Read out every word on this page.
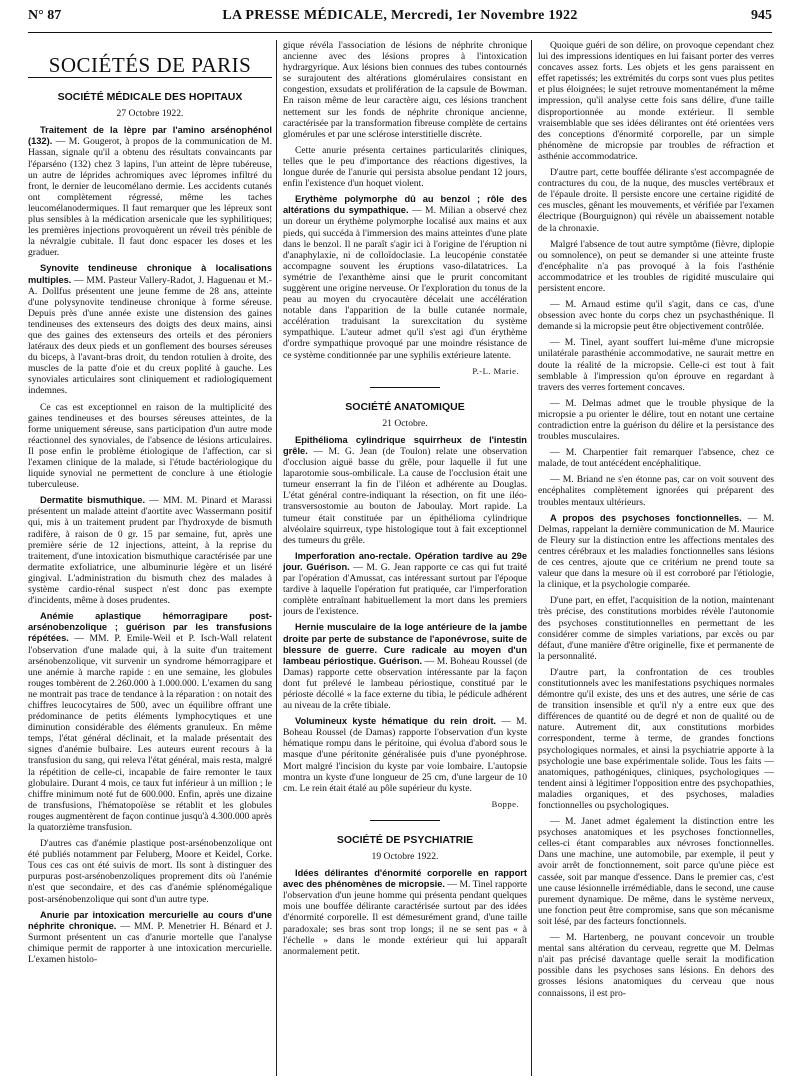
N° 87	LA PRESSE MÉDICALE, Mercredi, 1er Novembre 1922	945
SOCIÉTÉS DE PARIS
SOCIÉTÉ MÉDICALE DES HOPITAUX
27 Octobre 1922.

Traitement de la lèpre par l'amino arsénophénol (132). — M. Gougerot, à propos de la communication de M. Hassan, signale qu'il a obtenu des résultats convaincants par l'éparséno (132) chez 3 lapins, l'un atteint de lèpre tubéreuse, un autre de léprides achromiques avec lépromes infiltré du front, le dernier de leucomélano dermie. Les accidents cutanés ont complètement régressé, même les taches leucomélanodermiques. Il faut remarquer que les lépreux sont plus sensibles à la médication arsenicale que les syphilitiques; les premières injections provoquèrent un réveil très pénible de la névralgie cubitale. Il faut donc espacer les doses et les graduer.

Synovite tendineuse chronique à localisations multiples. — MM. Pasteur Vallery-Radot, J. Haguenau et M.-A. Dollfus présentent une jeune femme de 28 ans, atteinte d'une polysynovite tendineuse chronique à forme séreuse. Depuis près d'une année existe une distension des gaines tendineuses des extenseurs des doigts des deux mains, ainsi que des gaines des extenseurs des orteils et des péroniers latéraux des deux pieds et un gonflement des bourses séreuses du biceps, à l'avant-bras droit, du tendon rotulien à droite, des muscles de la patte d'oie et du creux poplité à gauche. Les synoviales articulaires sont cliniquement et radiologiquement indemnes.

Ce cas est exceptionnel en raison de la multiplicité des gaines tendineuses et des bourses séreuses atteintes, de la forme uniquement séreuse, sans participation d'un autre mode réactionnel des synoviales, de l'absence de lésions articulaires. Il pose enfin le problème étiologique de l'affection, car si l'examen clinique de la malade, si l'étude bactériologique du liquide synovial ne permettent de conclure à une étiologie tuberculeuse.

Dermatite bismuthique. — MM. M. Pinard et Marassi présentent un malade atteint d'aortite avec Wassermann positif qui, mis à un traitement prudent par l'hydroxyde de bismuth radifère, à raison de 0 gr. 15 par semaine, fut, après une première série de 12 injections, atteint, à la reprise du traitement, d'une intoxication bismuthique caractérisée par une dermatite exfoliatrice, une albuminurie légère et un liséré gingival. L'administration du bismuth chez des malades à système cardio-rénal suspect n'est donc pas exempte d'incidents, même à doses prudentes.

Anémie aplastique hémorragipare post-arsénobenzolique ; guérison par les transfusions répétées. — MM. P. Emile-Weil et P. Isch-Wall relatent l'observation d'une malade qui, à la suite d'un traitement arsénobenzolique, vit survenir un syndrome hémorragipare et une anémie à marche rapide : en une semaine, les globules rouges tombèrent de 2.260.000 à 1.000.000. L'examen du sang ne montrait pas trace de tendance à la réparation : on notait des chiffres leucocytaires de 500, avec un équilibre offrant une prédominance de petits éléments lymphocytiques et une diminution considérable des éléments granuleux. En même temps, l'état général déclinait, et la malade présentait des signes d'anémie bulbaire. Les auteurs eurent recours à la transfusion du sang, qui releva l'état général, mais resta, malgré la répétition de celle-ci, incapable de faire remonter le taux globulaire. Durant 4 mois, ce taux fut inférieur à un million ; le chiffre minimum noté fut de 600.000. Enfin, après une dizaine de transfusions, l'hématopoïèse se rétablit et les globules rouges augmentèrent de façon continue jusqu'à 4.300.000 après la quatorzième transfusion.

D'autres cas d'anémie plastique post-arsénobenzolique ont été publiés notamment par Feluberg, Moore et Keidel, Corke. Tous ces cas ont été suivis de mort. Ils sont à distinguer des purpuras post-arsénobenzoliques proprement dits où l'anémie n'est que secondaire, et des cas d'anémie splénomégalique post-arsénobenzolique qui sont d'un autre type.

Anurie par intoxication mercurielle au cours d'une néphrite chronique. — MM. P. Menetrier H. Bénard et J. Surmont présentent un cas d'anurie mortelle que l'analyse chimique permit de rapporter à une intoxication mercurielle. L'examen histolo-

gique révéla l'association de lésions de néphrite chronique ancienne avec des lésions propres à l'intoxication hydrargyrique. Aux lésions bien connues des tubes contournés se surajoutent des altérations glomérulaires consistant en congestion, exsudats et prolifération de la capsule de Bowman. En raison même de leur caractère aigu, ces lésions tranchent nettement sur les fonds de néphrite chronique ancienne, caractérisée par la transformation fibreuse complète de certains glomérules et par une sclérose interstitielle discrète.

Cette anurie présenta certaines particularités cliniques, telles que le peu d'importance des réactions digestives, la longue durée de l'anurie qui persista absolue pendant 12 jours, enfin l'existence d'un hoquet violent.

Erythème polymorphe dû au benzol ; rôle des altérations du sympathique. — M. Milian a observé chez un doreur un érythème polymorphe localisé aux mains et aux pieds, qui succéda à l'immersion des mains atteintes d'une plate dans le benzol. Il ne paraît s'agir ici à l'origine de l'éruption ni d'anaphylaxie, ni de colloïdoclasie. La leucopénie constatée accompagne souvent les éruptions vaso-dilatatrices. La symétrie de l'exanthème ainsi que le prurit concomitant suggèrent une origine nerveuse. Or l'exploration du tonus de la peau au moyen du cryocautère décelait une accélération notable dans l'apparition de la bulle cutanée normale, accélération traduisant la surexcitation du système sympathique. L'auteur admet qu'il s'est agi d'un érythème d'ordre sympathique provoqué par une moindre résistance de ce système conditionnée par une syphilis extérieure latente.

P.-L. Marie.
SOCIÉTÉ ANATOMIQUE
21 Octobre.

Epithélioma cylindrique squirrheux de l'intestin grêle. — M. G. Jean (de Toulon) relate une observation d'occlusion aiguë basse du grêle, pour laquelle il fut une laparotomie sous-ombilicale. La cause de l'occlusion était une tumeur enserrant la fin de l'iléon et adhérente au Douglas. L'état général contre-indiquant la résection, on fit une iléo-transversostomie au bouton de Jaboulay. Mort rapide. La tumeur était constituée par un épithélioma cylindrique alvéolaire squirreux, type histologique tout à fait exceptionnel des tumeurs du grêle.

Imperforation ano-rectale. Opération tardive au 29e jour. Guérison. — M. G. Jean rapporte ce cas qui fut traité par l'opération d'Amussat, cas intéressant surtout par l'époque tardive à laquelle l'opération fut pratiquée, car l'imperforation complète entraînant habituellement la mort dans les premiers jours de l'existence.

Hernie musculaire de la loge antérieure de la jambe droite par perte de substance de l'aponévrose, suite de blessure de guerre. Cure radicale au moyen d'un lambeau périostique. Guérison. — M. Boheau Roussel (de Damas) rapporte cette observation intéressante par la façon dont fut prélevé le lambeau périostique, constitué par le périoste décollé « la face externe du tibia, le pédicule adhérent au niveau de la crête tibiale.

Volumineux kyste hématique du rein droit. — M. Boheau Roussel (de Damas) rapporte l'observation d'un kyste hématique rompu dans le péritoine, qui évolua d'abord sous le masque d'une péritonite généralisée puis d'une pyonéphrose. Mort malgré l'incision du kyste par voie lombaire. L'autopsie montra un kyste d'une longueur de 25 cm, d'une largeur de 10 cm. Le rein était étalé au pôle supérieur du kyste.

Boppe.
SOCIÉTÉ DE PSYCHIATRIE
19 Octobre 1922.

Idées délirantes d'énormité corporelle en rapport avec des phénomènes de micropsie. — M. Tinel rapporte l'observation d'un jeune homme qui présenta pendant quelques mois une bouffée délirante caractérisée surtout par des idées d'énormité corporelle. Il est démesurément grand, d'une taille paradoxale; ses bras sont trop longs; il ne se sent pas « à l'échelle » dans le monde extérieur qui lui apparaît anormalement petit.

Quoique guéri de son délire, on provoque cependant chez lui des impressions identiques en lui faisant porter des verres concaves assez forts. Les objets et les gens paraissent en effet rapetissés; les extrémités du corps sont vues plus petites et plus éloignées; le sujet retrouve momentanément la même impression, qu'il analyse cette fois sans délire, d'une taille disproportionnée au monde extérieur. Il semble vraisemblable que ses idées délirantes ont été orientées vers des conceptions d'énormité corporelle, par un simple phénomène de micropsie par troubles de réfraction et asthénie accommodatrice.

D'autre part, cette bouffée délirante s'est accompagnée de contractures du cou, de la nuque, des muscles vertébraux et de l'épaule droite. Il persiste encore une certaine rigidité de ces muscles, gênant les mouvements, et vérifiée par l'examen électrique (Bourguignon) qui révèle un abaissement notable de la chronaxie.

Malgré l'absence de tout autre symptôme (fièvre, diplopie ou somnolence), on peut se demander si une atteinte fruste d'encéphalite n'a pas provoqué à la fois l'asthénie accommodatrice et les troubles de rigidité musculaire qui persistent encore.

— M. Arnaud estime qu'il s'agit, dans ce cas, d'une obsession avec honte du corps chez un psychasthénique. Il demande si la micropsie peut être objectivement contrôlée.

— M. Tinel, ayant souffert lui-même d'une micropsie unilatérale parasthénie accommodative, ne saurait mettre en doute la réalité de la micropsie. Celle-ci est tout à fait semblable à l'impression qu'on éprouve en regardant à travers des verres fortement concaves.

— M. Delmas admet que le trouble physique de la micropsie a pu orienter le délire, tout en notant une certaine contradiction entre la guérison du délire et la persistance des troubles musculaires.

— M. Charpentier fait remarquer l'absence, chez ce malade, de tout antécédent encéphalitique.

— M. Briand ne s'en étonne pas, car on voit souvent des encéphalites complètement ignorées qui préparent des troubles mentaux ultérieurs.

A propos des psychoses fonctionnelles. — M. Delmas, rappelant la dernière communication de M. Maurice de Fleury sur la distinction entre les affections mentales des centres cérébraux et les maladies fonctionnelles sans lésions de ces centres, ajoute que ce critérium ne prend toute sa valeur que dans la mesure où il est corroboré par l'étiologie, la clinique, et la psychologie comparée.

D'une part, en effet, l'acquisition de la notion, maintenant très précise, des constitutions morbides révèle l'autonomie des psychoses constitutionnelles en permettant de les considérer comme de simples variations, par excès ou par défaut, d'une manière d'être originelle, fixe et permanente de la personnalité.

D'autre part, la confrontation de ces troubles constitutionnels avec les manifestations psychiques normales démontre qu'il existe, des uns et des autres, une série de cas de transition insensible et qu'il n'y a entre eux que des différences de quantité ou de degré et non de qualité ou de nature. Autrement dit, aux constitutions morbides correspondent, terme à terme, de grandes fonctions psychologiques normales, et ainsi la psychiatrie apporte à la psychologie une base expérimentale solide. Tous les faits — anatomiques, pathogéniques, cliniques, psychologiques — tendent ainsi à légitimer l'opposition entre des psychopathies, maladies organiques, et des psychoses, maladies fonctionnelles ou psychologiques.

— M. Janet admet également la distinction entre les psychoses anatomiques et les psychoses fonctionnelles, celles-ci étant comparables aux névroses fonctionnelles. Dans une machine, une automobile, par exemple, il peut y avoir arrêt de fonctionnement, soit parce qu'une pièce est cassée, soit par manque d'essence. Dans le premier cas, c'est une cause lésionnelle irrémédiable, dans le second, une cause purement dynamique. De même, dans le système nerveux, une fonction peut être compromise, sans que son mécanisme soit lésé, par des facteurs fonctionnels.

— M. Hartenberg, ne pouvant concevoir un trouble mental sans altération du cerveau, regrette que M. Delmas n'ait pas précisé davantage quelle serait la modification possible dans les psychoses sans lésions. En dehors des grosses lésions anatomiques du cerveau que nous connaissons, il est pro-
